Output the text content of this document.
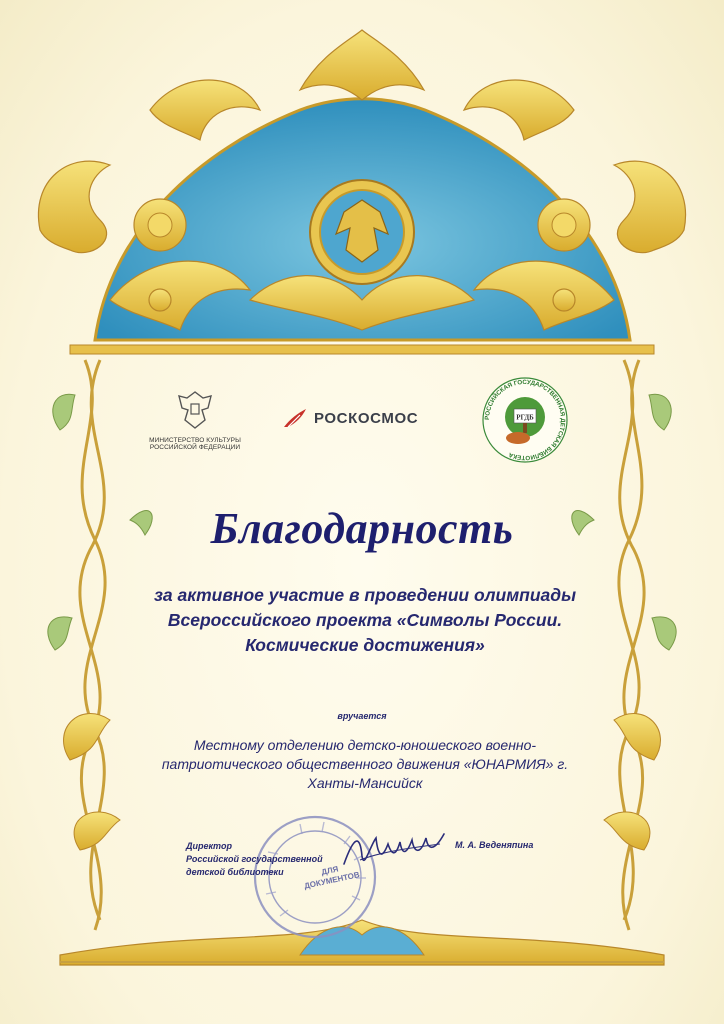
МИНИСТЕРСТВО КУЛЬТУРЫ РОССИЙСКОЙ ФЕДЕРАЦИИ
РОСКОСМОС	РОССИЙСКАЯ ГОСУДАРСТВЕННАЯ ДЕТСКАЯ БИБЛИОТЕКА
РГДБ
Благодарность
за активное участие в проведении олимпиады Всероссийского проекта «Символы России. Космические достижения»
вручается
Местному отделению детско-юношеского военно-патриотического общественного движения «ЮНАРМИЯ» г. Ханты-Мансийск
ДЛЯ ДОКУМЕНТОВ
Директор
Российской государственной
детской библиотеки
М. А. Веденяпина
